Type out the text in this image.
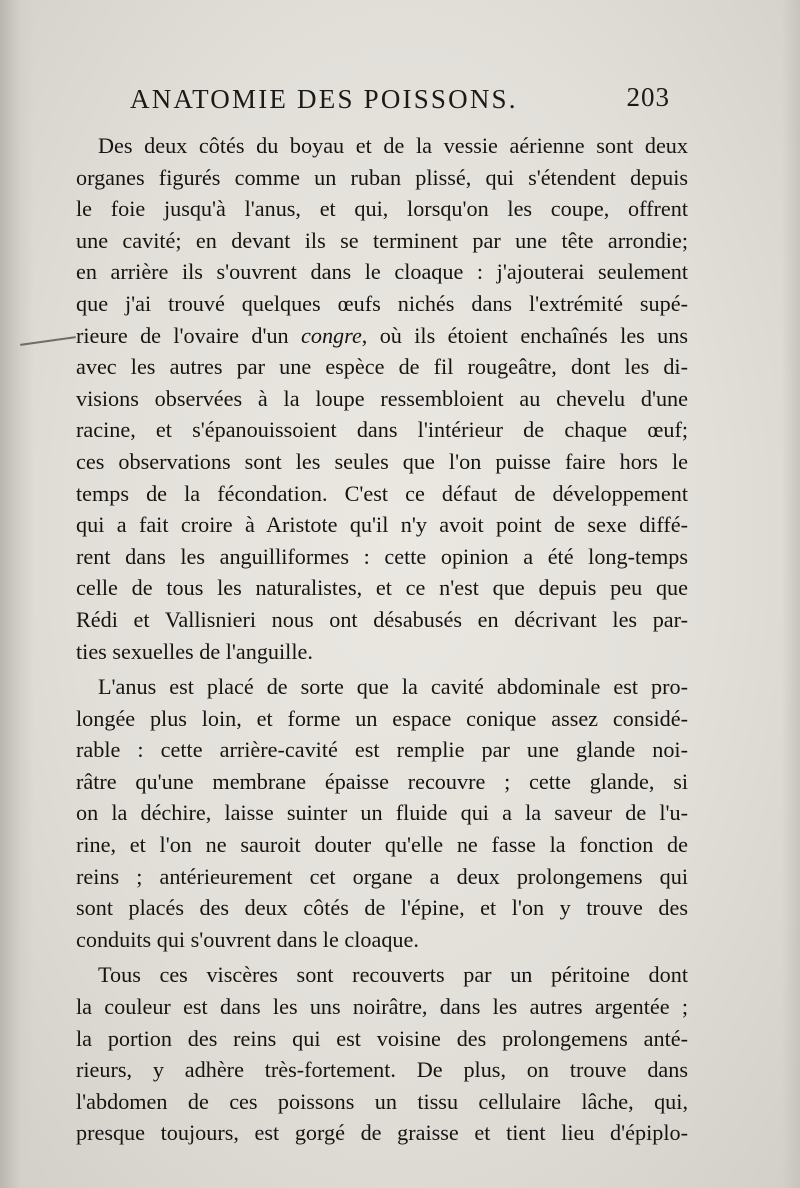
ANATOMIE DES POISSONS.	203

Des deux côtés du boyau et de la vessie aérienne sont deux
organes figurés comme un ruban plissé, qui s'étendent depuis
le foie jusqu'à l'anus, et qui, lorsqu'on les coupe, offrent
une cavité; en devant ils se terminent par une tête arrondie;
en arrière ils s'ouvrent dans le cloaque : j'ajouterai seulement
que j'ai trouvé quelques œufs nichés dans l'extrémité supé-
rieure de l'ovaire d'un congre, où ils étoient enchaînés les uns
avec les autres par une espèce de fil rougeâtre, dont les di-
visions observées à la loupe ressembloient au chevelu d'une
racine, et s'épanouissoient dans l'intérieur de chaque œuf;
ces observations sont les seules que l'on puisse faire hors le
temps de la fécondation. C'est ce défaut de développement
qui a fait croire à Aristote qu'il n'y avoit point de sexe diffé-
rent dans les anguilliformes : cette opinion a été long-temps
celle de tous les naturalistes, et ce n'est que depuis peu que
Rédi et Vallisnieri nous ont désabusés en décrivant les par-
ties sexuelles de l'anguille.

L'anus est placé de sorte que la cavité abdominale est pro-
longée plus loin, et forme un espace conique assez considé-
rable : cette arrière-cavité est remplie par une glande noi-
râtre qu'une membrane épaisse recouvre ; cette glande, si
on la déchire, laisse suinter un fluide qui a la saveur de l'u-
rine, et l'on ne sauroit douter qu'elle ne fasse la fonction de
reins ; antérieurement cet organe a deux prolongemens qui
sont placés des deux côtés de l'épine, et l'on y trouve des
conduits qui s'ouvrent dans le cloaque.

Tous ces viscères sont recouverts par un péritoine dont
la couleur est dans les uns noirâtre, dans les autres argentée ;
la portion des reins qui est voisine des prolongemens anté-
rieurs, y adhère très-fortement. De plus, on trouve dans
l'abdomen de ces poissons un tissu cellulaire lâche, qui,
presque toujours, est gorgé de graisse et tient lieu d'épiplo-
